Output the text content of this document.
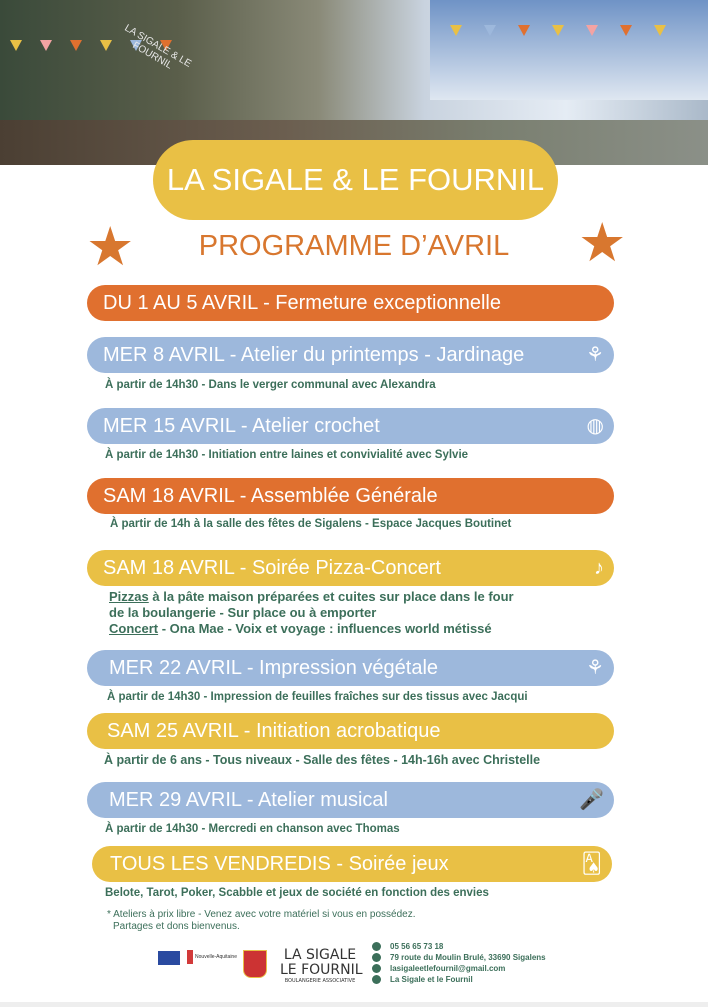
LA SIGALE & LE FOURNIL
LA SIGALE & LE FOURNIL
★	★
PROGRAMME D’AVRIL
DU 1 AU 5 AVRIL - Fermeture exceptionnelle
MER 8 AVRIL - Atelier du printemps - Jardinage	⚘
À partir de 14h30 - Dans le verger communal avec Alexandra
MER 15 AVRIL - Atelier crochet	◍
À partir de 14h30 - Initiation entre laines et convivialité avec Sylvie
SAM 18 AVRIL - Assemblée Générale
À partir de 14h à la salle des fêtes de Sigalens - Espace Jacques Boutinet
SAM 18 AVRIL - Soirée Pizza-Concert	♪
Pizzas à la pâte maison préparées et cuites sur place dans le four
de la boulangerie - Sur place ou à emporter
Concert - Ona Mae - Voix et voyage : influences world métissé
MER 22 AVRIL - Impression végétale	⚘
À partir de 14h30 - Impression de feuilles fraîches sur des tissus avec Jacqui
SAM 25 AVRIL - Initiation acrobatique
À partir de 6 ans - Tous niveaux - Salle des fêtes - 14h-16h avec Christelle
MER 29 AVRIL - Atelier musical	🎤
À partir de 14h30 - Mercredi en chanson avec Thomas
TOUS LES VENDREDIS - Soirée jeux	🂡
Belote, Tarot, Poker, Scabble et jeux de société en fonction des envies
* Ateliers à prix libre - Venez avec votre matériel si vous en possédez.
Partages et dons bienvenus.
Nouvelle-Aquitaine	LA SIGALE
LE FOURNIL
BOULANGERIE ASSOCIATIVE
05 56 65 73 18
79 route du Moulin Brulé, 33690 Sigalens
lasigaleetlefournil@gmail.com
La Sigale et le Fournil
